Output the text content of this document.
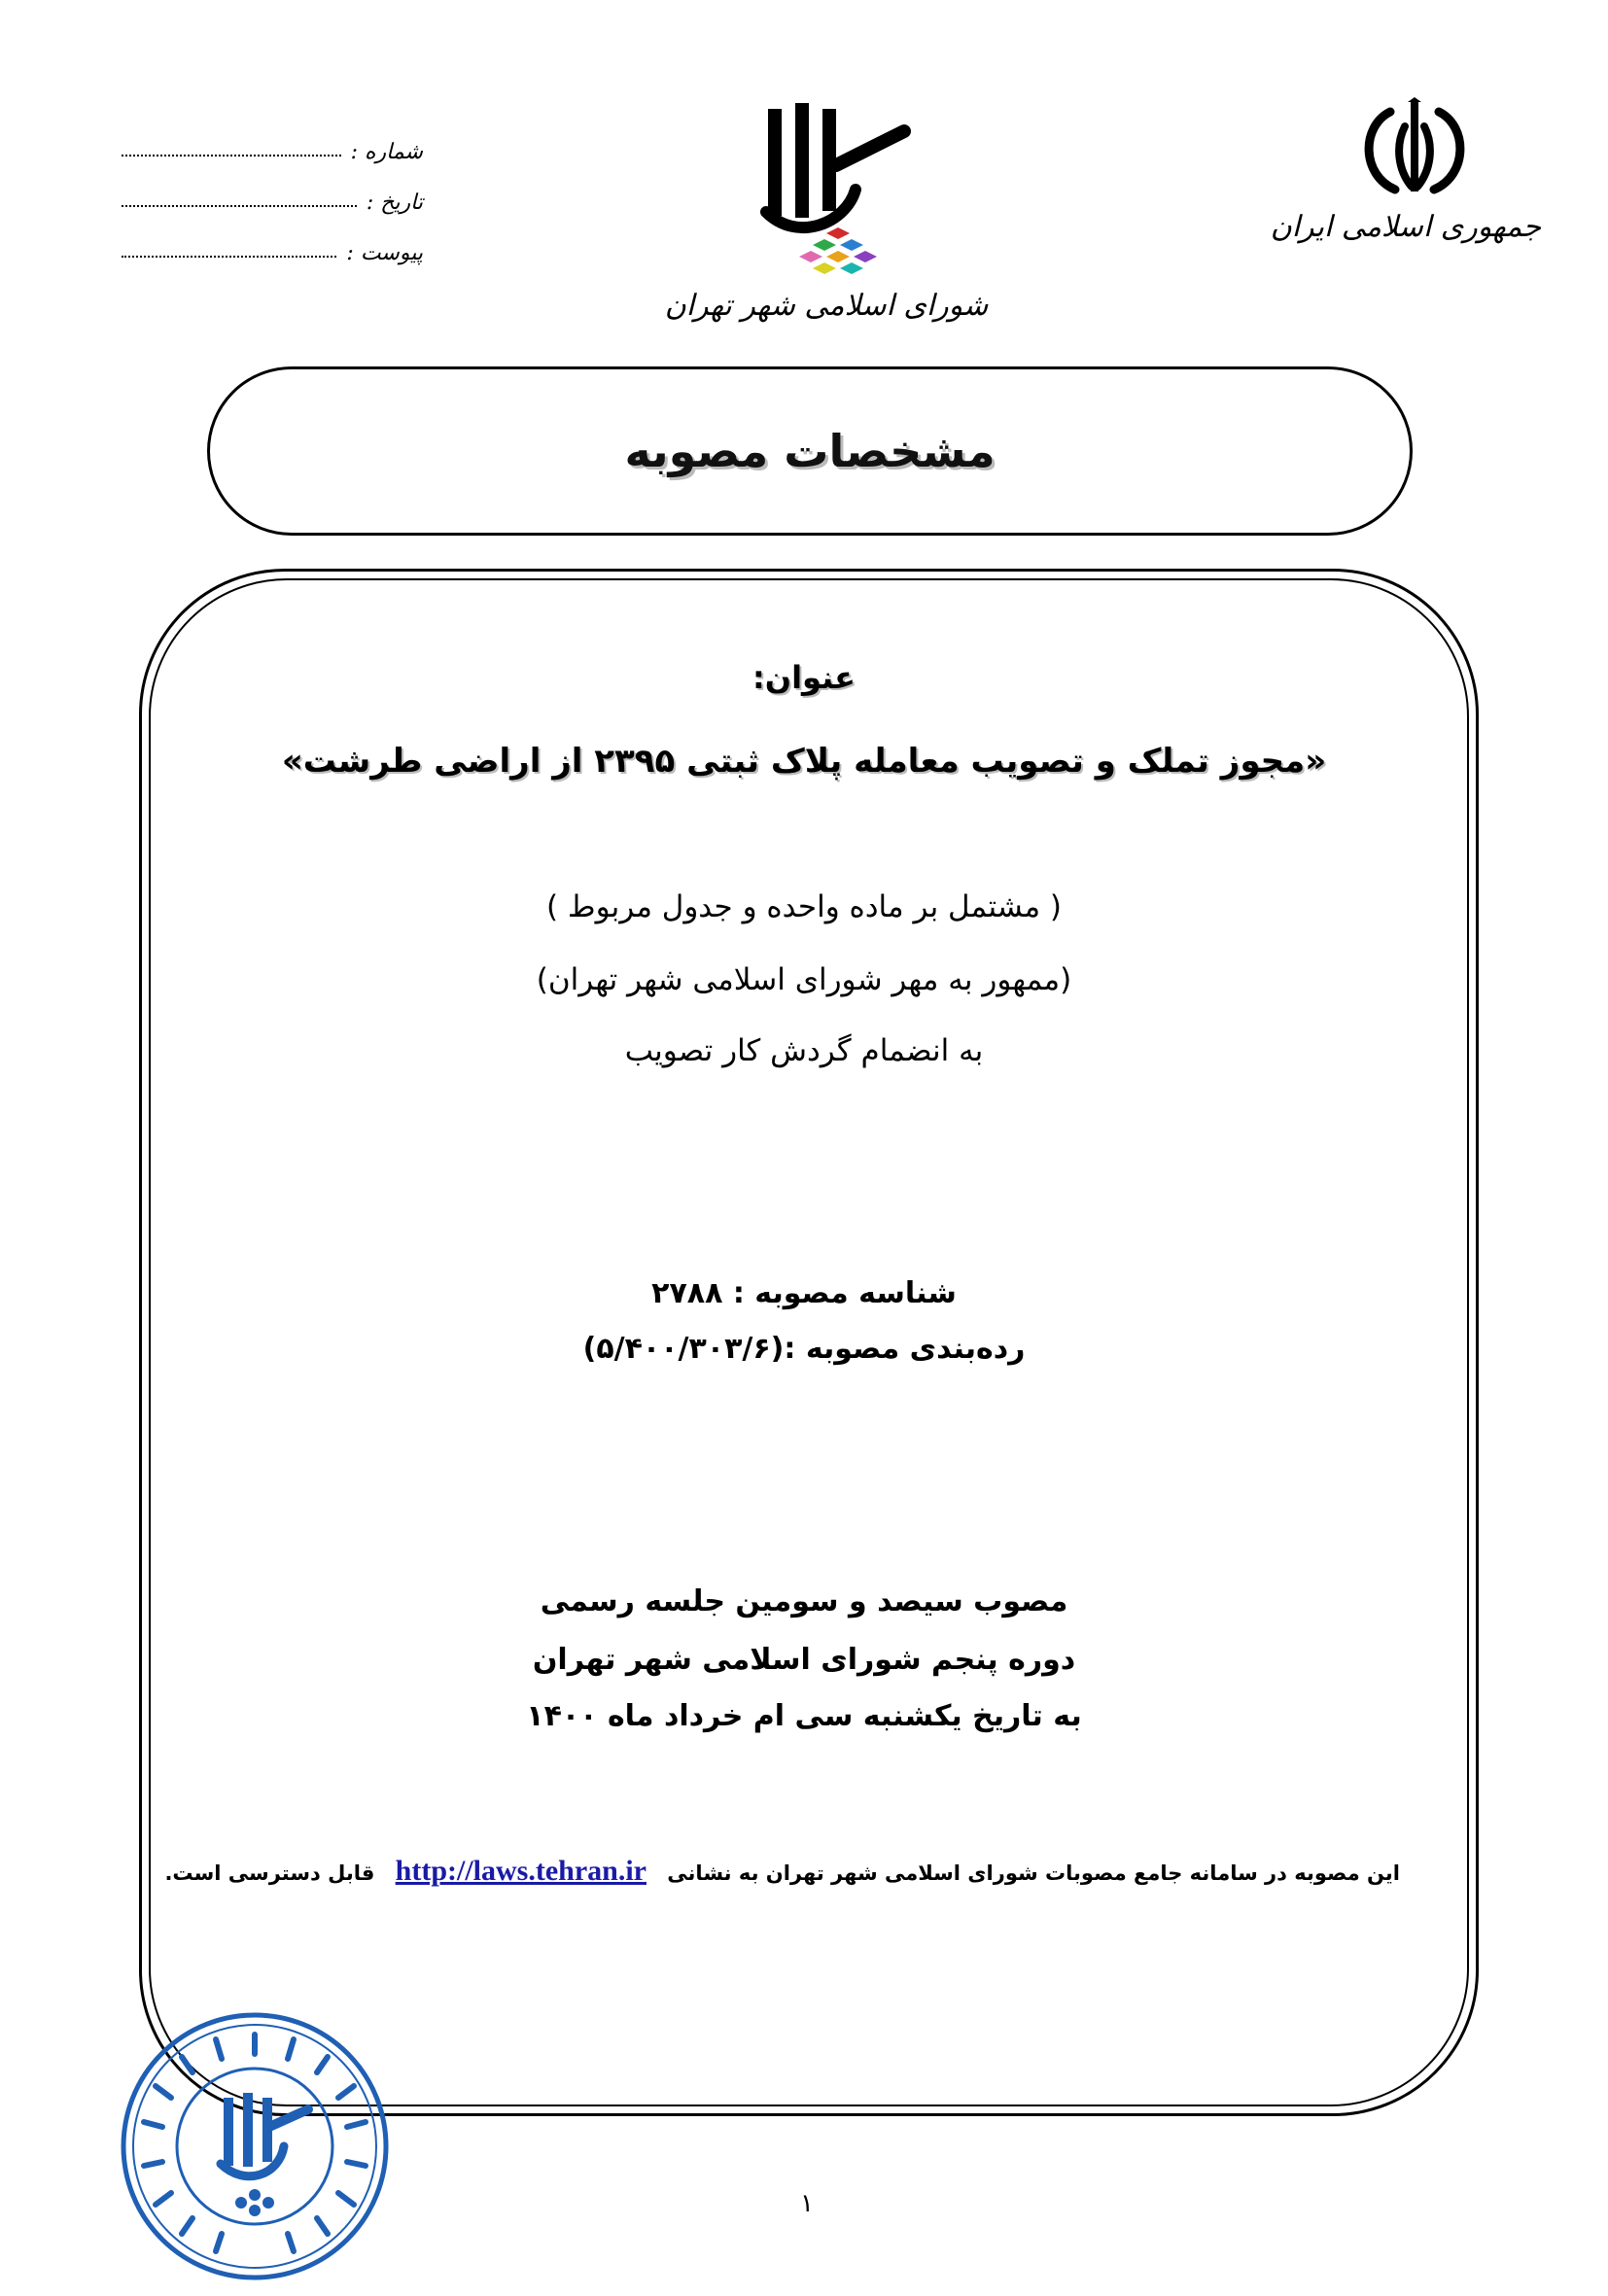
جمهوری اسلامی ایران
شورای اسلامی شهر تهران
شماره :
تاریخ :
پیوست :
مشخصات مصوبه
عنوان:
«مجوز تملک و تصویب معامله پلاک ثبتی ۲۳۹۵ از اراضی طرشت»
( مشتمل بر ماده واحده و جدول مربوط )
(ممهور به مهر شورای اسلامی شهر تهران)
به انضمام گردش کار تصویب
شناسه مصوبه : ۲۷۸۸
رده‌بندی مصوبه :(۵/۴۰۰/۳۰۳/۶)
مصوب سیصد و سومین جلسه رسمی
دوره پنجم شورای اسلامی شهر تهران
به تاریخ یکشنبه سی ام خرداد ماه ۱۴۰۰
این مصوبه در سامانه جامع مصوبات شورای اسلامی شهر تهران به نشانی http://laws.tehran.ir قابل دسترسی است.
۱
